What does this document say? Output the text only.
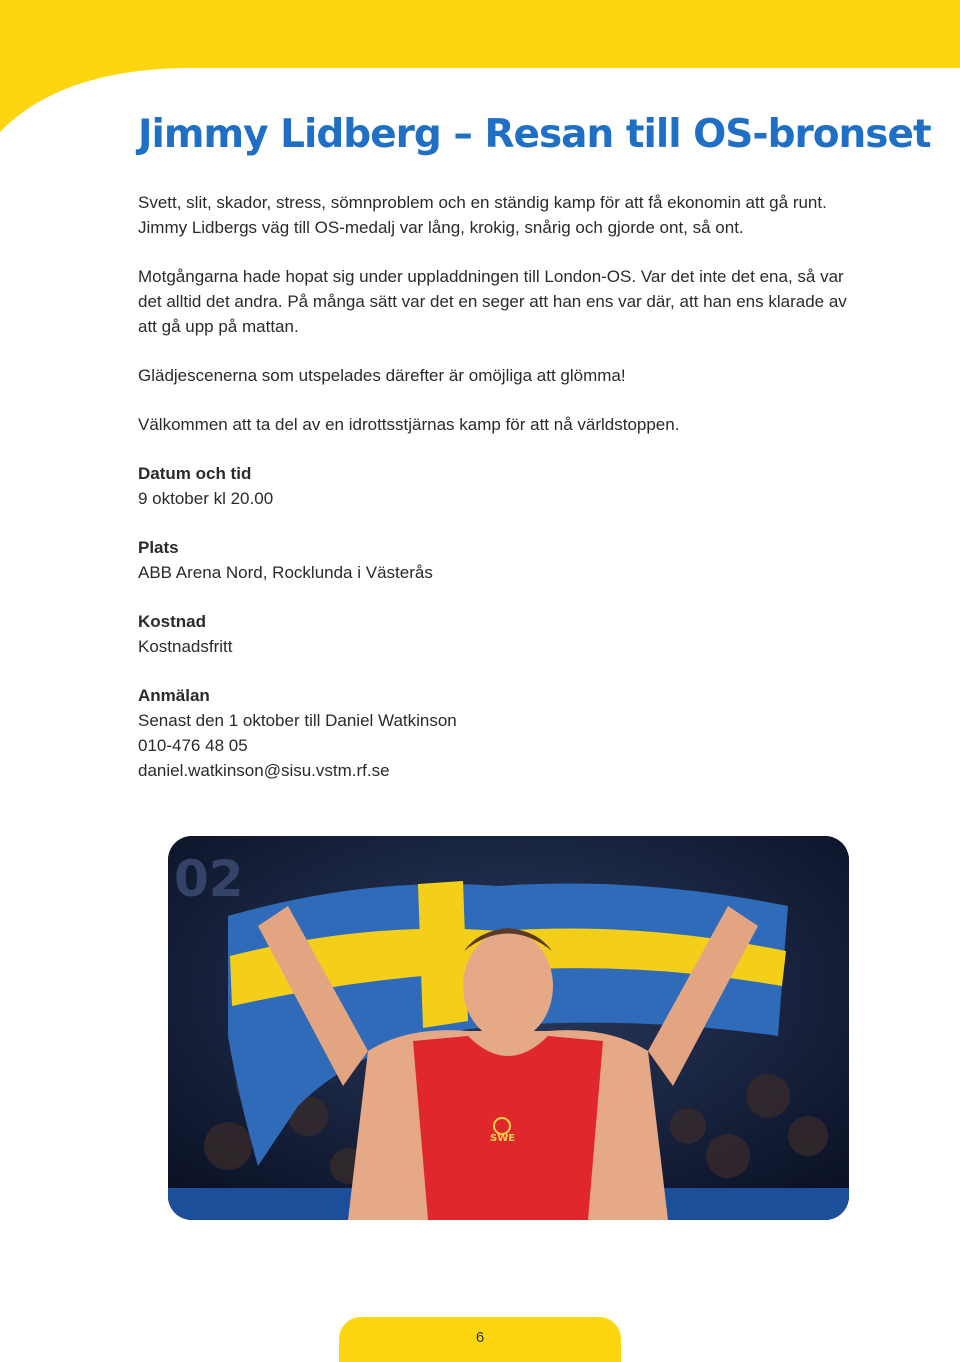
Jimmy Lidberg – Resan till OS-bronset

Svett, slit, skador, stress, sömnproblem och en ständig kamp för att få ekonomin att gå runt. Jimmy Lidbergs väg till OS-medalj var lång, krokig, snårig och gjorde ont, så ont.

Motgångarna hade hopat sig under uppladdningen till London-OS. Var det inte det ena, så var det alltid det andra. På många sätt var det en seger att han ens var där, att han ens klarade av att gå upp på mattan.

Glädjescenerna som utspelades därefter är omöjliga att glömma!

Välkommen att ta del av en idrottsstjärnas kamp för att nå världstoppen.

Datum och tid
9 oktober kl 20.00
Plats
ABB Arena Nord, Rocklunda i Västerås
Kostnad
Kostnadsfritt
Anmälan
Senast den 1 oktober till Daniel Watkinson
010-476 48 05
daniel.watkinson@sisu.vstm.rf.se
02
SWE
6
